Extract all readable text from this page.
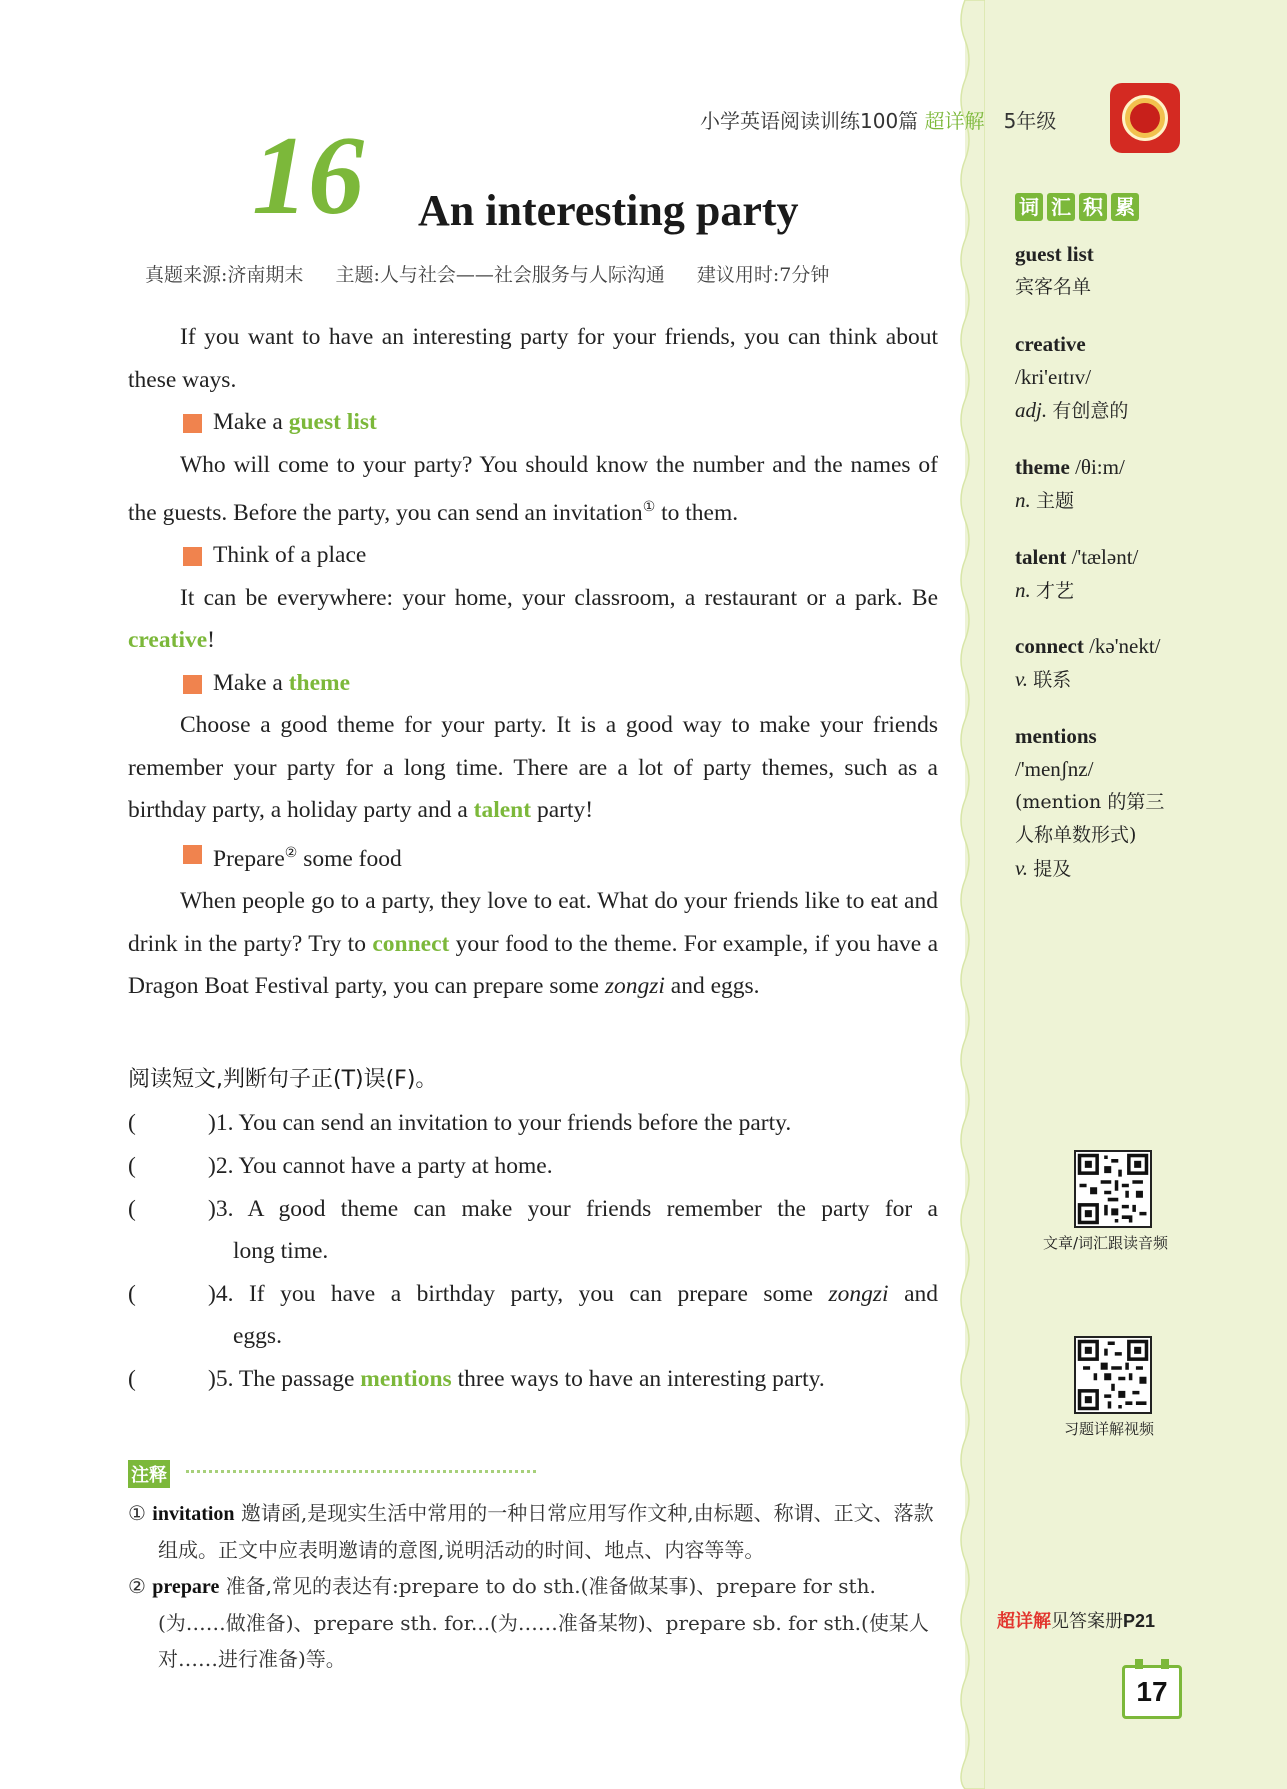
小学英语阅读训练100篇 超详解 5年级
16 An interesting party
真题来源:济南期末 主题:人与社会——社会服务与人际沟通 建议用时:7分钟

If you want to have an interesting party for your friends, you can think about these ways.

Make a guest list

Who will come to your party? You should know the number and the names of the guests. Before the party, you can send an invitation① to them.

Think of a place

It can be everywhere: your home, your classroom, a restaurant or a park. Be creative!

Make a theme

Choose a good theme for your party. It is a good way to make your friends remember your party for a long time. There are a lot of party themes, such as a birthday party, a holiday party and a talent party!

Prepare② some food

When people go to a party, they love to eat. What do your friends like to eat and drink in the party? Try to connect your food to the theme. For example, if you have a Dragon Boat Festival party, you can prepare some zongzi and eggs.

阅读短文,判断句子正(T)误(F)。
(	)1. You can send an invitation to your friends before the party.
(	)2. You cannot have a party at home.
(	)3. A good theme can make your friends remember the party for a
long time.
(	)4. If you have a birthday party, you can prepare some zongzi and
eggs.
(	)5. The passage mentions three ways to have an interesting party.
注释

① invitation 邀请函,是现实生活中常用的一种日常应用写作文种,由标题、称谓、正文、落款组成。正文中应表明邀请的意图,说明活动的时间、地点、内容等等。

② prepare 准备,常见的表达有:prepare to do sth.(准备做某事)、prepare for sth.(为……做准备)、prepare sth. for...(为……准备某物)、prepare sb. for sth.(使某人对……进行准备)等。

词 汇 积 累
guest list
宾客名单
creative
/kri'eɪtɪv/
adj. 有创意的
theme /θi:m/
n. 主题
talent /'tælənt/
n. 才艺
connect /kə'nekt/
v. 联系
mentions
/'menʃnz/
(mention 的第三
人称单数形式)
v. 提及
文章/词汇跟读音频
习题详解视频
超详解见答案册P21
17
